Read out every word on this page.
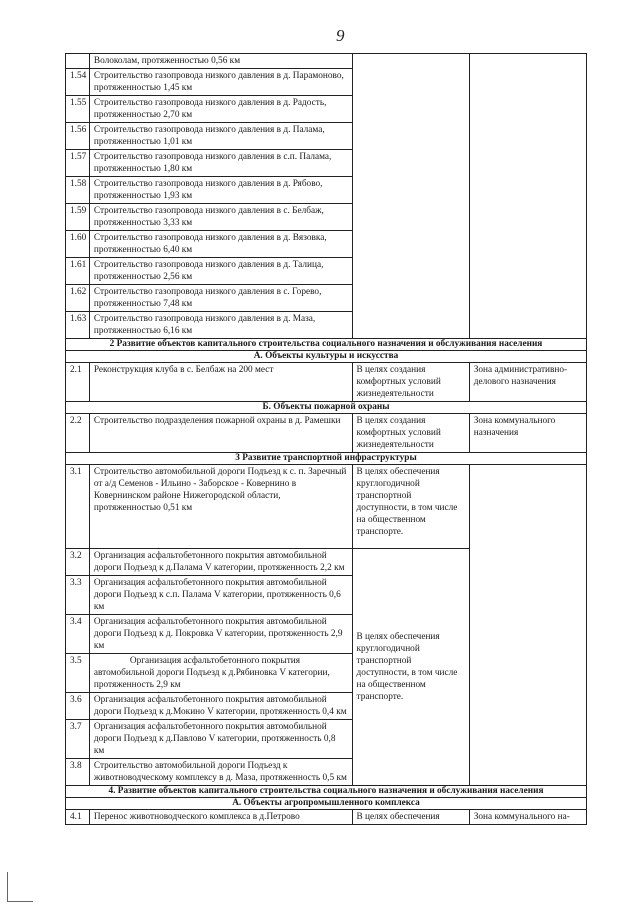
9
	Волоколам, протяженностью 0,56 км		
1.54	Строительство газопровода низкого давления в д. Парамоново, протяженностью 1,45 км		
1.55	Строительство газопровода низкого давления в д. Радость, протяженностью 2,70 км		
1.56	Строительство газопровода низкого давления в д. Палама, протяженностью 1,01 км		
1.57	Строительство газопровода низкого давления в с.п. Палама, протяженностью 1,80 км		
1.58	Строительство газопровода низкого давления в д. Рябово, протяженностью 1,93 км		
1.59	Строительство газопровода низкого давления в с. Белбаж, протяженностью 3,33 км		
1.60	Строительство газопровода низкого давления в д. Вязовка, протяженностью 6,40 км		
1.61	Строительство газопровода низкого давления в д. Талица, протяженностью 2,56 км		
1.62	Строительство газопровода низкого давления в с. Горево, протяженностью 7,48 км		
1.63	Строительство газопровода низкого давления в д. Маза, протяженностью 6,16 км		
2 Развитие объектов капитального строительства социального назначения и обслуживания населения			
А. Объекты культуры и искусства			
2.1	Реконструкция клуба в с. Белбаж на 200 мест	В целях создания комфортных условий жизнедеятельности	Зона административно-делового назначения
Б. Объекты пожарной охраны			
2.2	Строительство подразделения пожарной охраны в д. Рамешки	В целях создания комфортных условий жизнедеятельности	Зона коммунального назначения
3 Развитие транспортной инфраструктуры			
3.1	Строительство автомобильной дороги Подъезд к с. п. Заречный от а/д Семенов - Ильино - Заборское - Ковернино в Ковернинском районе Нижегородской области, протяженностью 0,51 км	В целях обеспечения круглогодичной транспортной доступности, в том числе на общественном транспорте.	
3.2	Организация асфальтобетонного покрытия автомобильной дороги Подъезд к д.Палама V категории, протяженность 2,2 км	В целях обеспечения круглогодичной транспортной доступности, в том числе на общественном транспорте.	
3.3	Организация асфальтобетонного покрытия автомобильной дороги Подъезд к с.п. Палама V категории, протяженность 0,6 км		
3.4	Организация асфальтобетонного покрытия автомобильной дороги Подъезд к д. Покровка V категории, протяженность 2,9 км		
3.5	Организация асфальтобетонного покрытия автомобильной дороги Подъезд к д.Рябиновка V категории, протяженность 2,9 км		
3.6	Организация асфальтобетонного покрытия автомобильной дороги Подъезд к д.Мокино V категории, протяженность 0,4 км		
3.7	Организация асфальтобетонного покрытия автомобильной дороги Подъезд к д.Павлово V категории, протяженность 0,8 км		
3.8	Строительство автомобильной дороги Подъезд к животноводческому комплексу в д. Маза, протяженность 0,5 км		
4. Развитие объектов капитального строительства социального назначения и обслуживания населения			
А. Объекты агропромышленного комплекса			
4.1	Перенос животноводческого комплекса в д.Петрово	В целях обеспечения	Зона коммунального на-
